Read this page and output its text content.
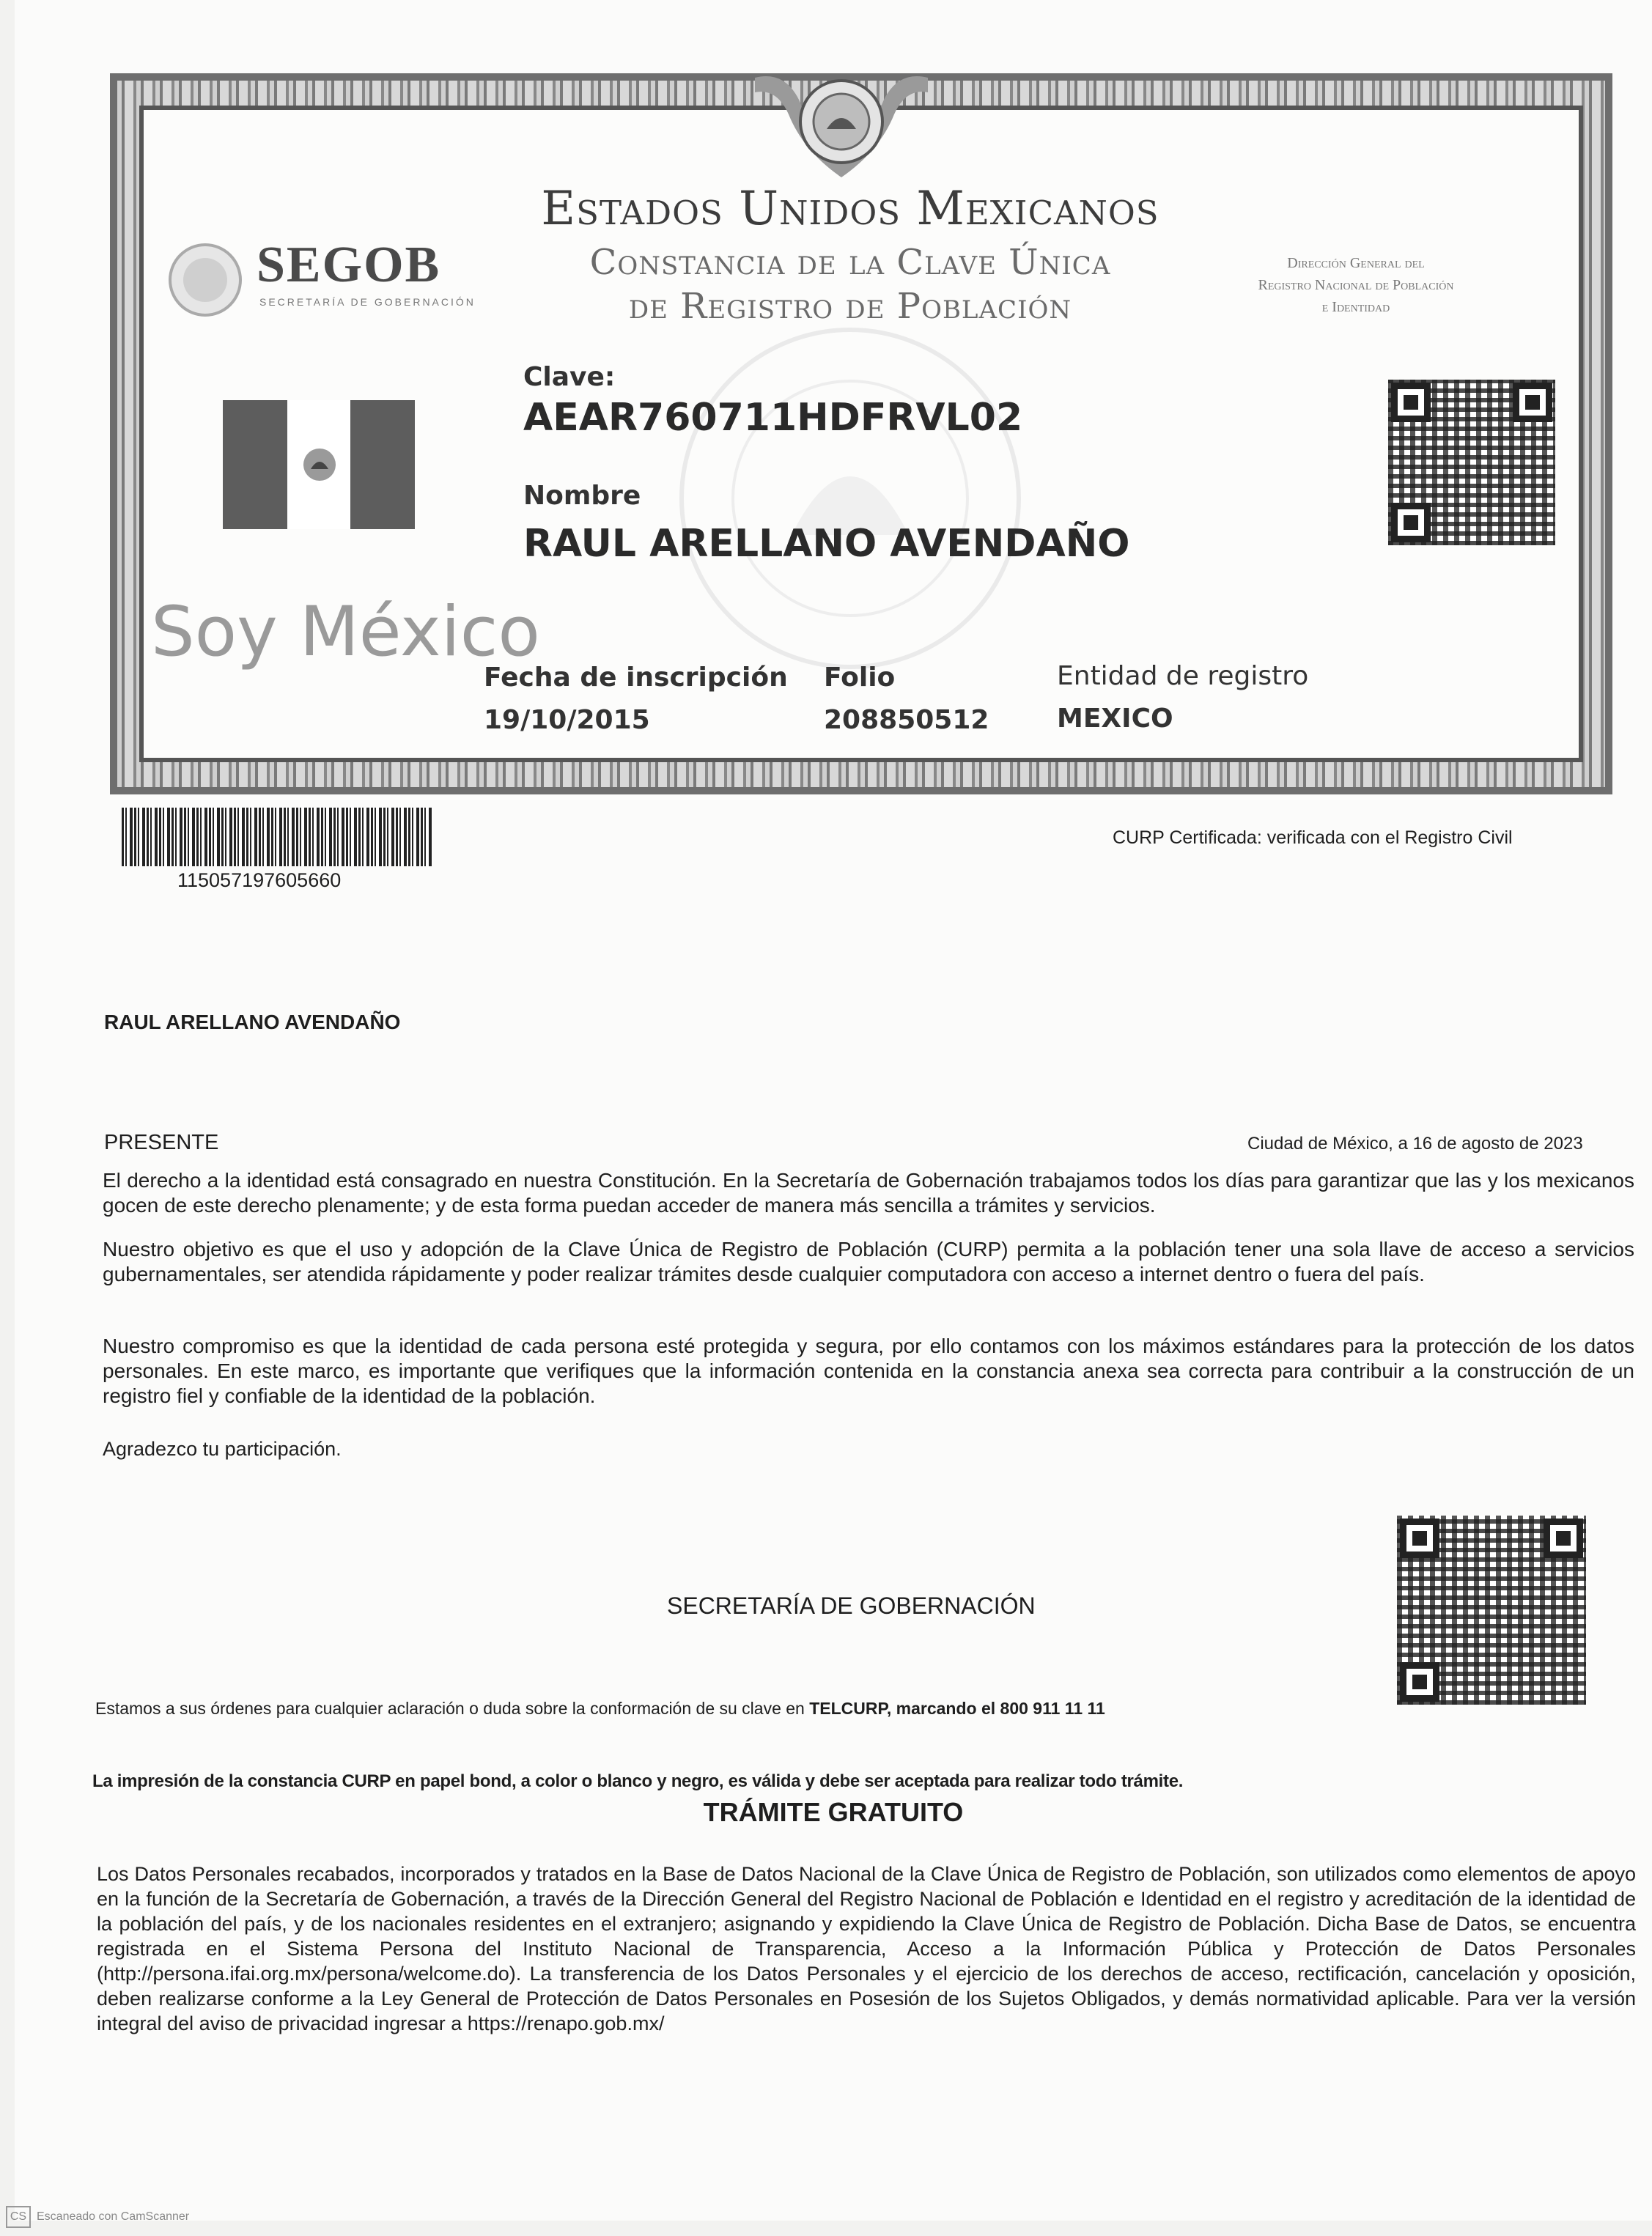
Estados Unidos Mexicanos
Constancia de la Clave Única
de Registro de Población
SEGOB
SECRETARÍA DE GOBERNACIÓN
Dirección General del
Registro Nacional de Población
e Identidad
Clave:
AEAR760711HDFRVL02
Nombre
RAUL ARELLANO AVENDAÑO
Soy México
Fecha de inscripción
19/10/2015
Folio
208850512
Entidad de registro
MEXICO
115057197605660
CURP Certificada: verificada con el Registro Civil
RAUL ARELLANO AVENDAÑO
PRESENTE	Ciudad de México, a 16 de agosto de 2023
El derecho a la identidad está consagrado en nuestra Constitución. En la Secretaría de Gobernación trabajamos todos los días para garantizar que las y los mexicanos gocen de este derecho plenamente; y de esta forma puedan acceder de manera más sencilla a trámites y servicios.
Nuestro objetivo es que el uso y adopción de la Clave Única de Registro de Población (CURP) permita a la población tener una sola llave de acceso a servicios gubernamentales, ser atendida rápidamente y poder realizar trámites desde cualquier computadora con acceso a internet dentro o fuera del país.
Nuestro compromiso es que la identidad de cada persona esté protegida y segura, por ello contamos con los máximos estándares para la protección de los datos personales. En este marco, es importante que verifiques que la información contenida en la constancia anexa sea correcta para contribuir a la construcción de un registro fiel y confiable de la identidad de la población.
Agradezco tu participación.
SECRETARÍA DE GOBERNACIÓN
Estamos a sus órdenes para cualquier aclaración o duda sobre la conformación de su clave en TELCURP, marcando el 800 911 11 11
La impresión de la constancia CURP en papel bond, a color o blanco y negro, es válida y debe ser aceptada para realizar todo trámite.
TRÁMITE GRATUITO
Los Datos Personales recabados, incorporados y tratados en la Base de Datos Nacional de la Clave Única de Registro de Población, son utilizados como elementos de apoyo en la función de la Secretaría de Gobernación, a través de la Dirección General del Registro Nacional de Población e Identidad en el registro y acreditación de la identidad de la población del país, y de los nacionales residentes en el extranjero; asignando y expidiendo la Clave Única de Registro de Población. Dicha Base de Datos, se encuentra registrada en el Sistema Persona del Instituto Nacional de Transparencia, Acceso a la Información Pública y Protección de Datos Personales (http://persona.ifai.org.mx/persona/welcome.do). La transferencia de los Datos Personales y el ejercicio de los derechos de acceso, rectificación, cancelación y oposición, deben realizarse conforme a la Ley General de Protección de Datos Personales en Posesión de los Sujetos Obligados, y demás normatividad aplicable. Para ver la versión integral del aviso de privacidad ingresar a https://renapo.gob.mx/
CS Escaneado con CamScanner
